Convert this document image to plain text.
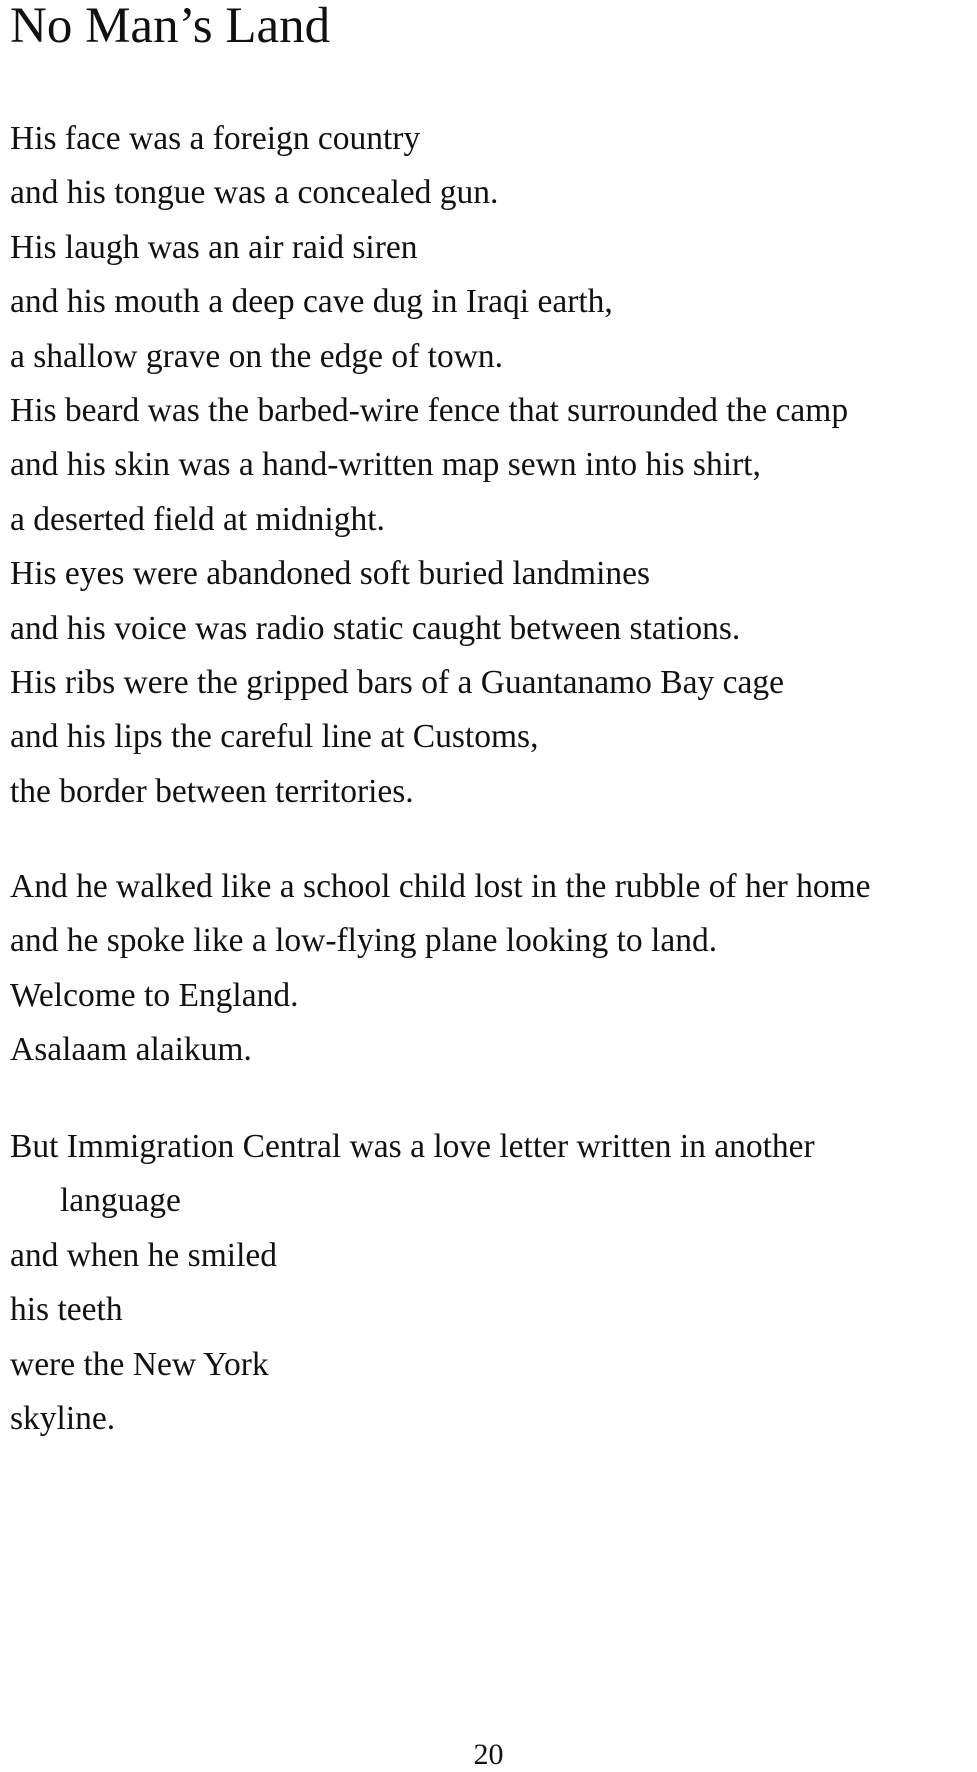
No Man’s Land
His face was a foreign country
and his tongue was a concealed gun.
His laugh was an air raid siren
and his mouth a deep cave dug in Iraqi earth,
a shallow grave on the edge of town.
His beard was the barbed-wire fence that surrounded the camp
and his skin was a hand-written map sewn into his shirt,
a deserted field at midnight.
His eyes were abandoned soft buried landmines
and his voice was radio static caught between stations.
His ribs were the gripped bars of a Guantanamo Bay cage
and his lips the careful line at Customs,
the border between territories.
And he walked like a school child lost in the rubble of her home
and he spoke like a low-flying plane looking to land.
Welcome to England.
Asalaam alaikum.
But Immigration Central was a love letter written in another
language
and when he smiled
his teeth
were the New York
skyline.
20
